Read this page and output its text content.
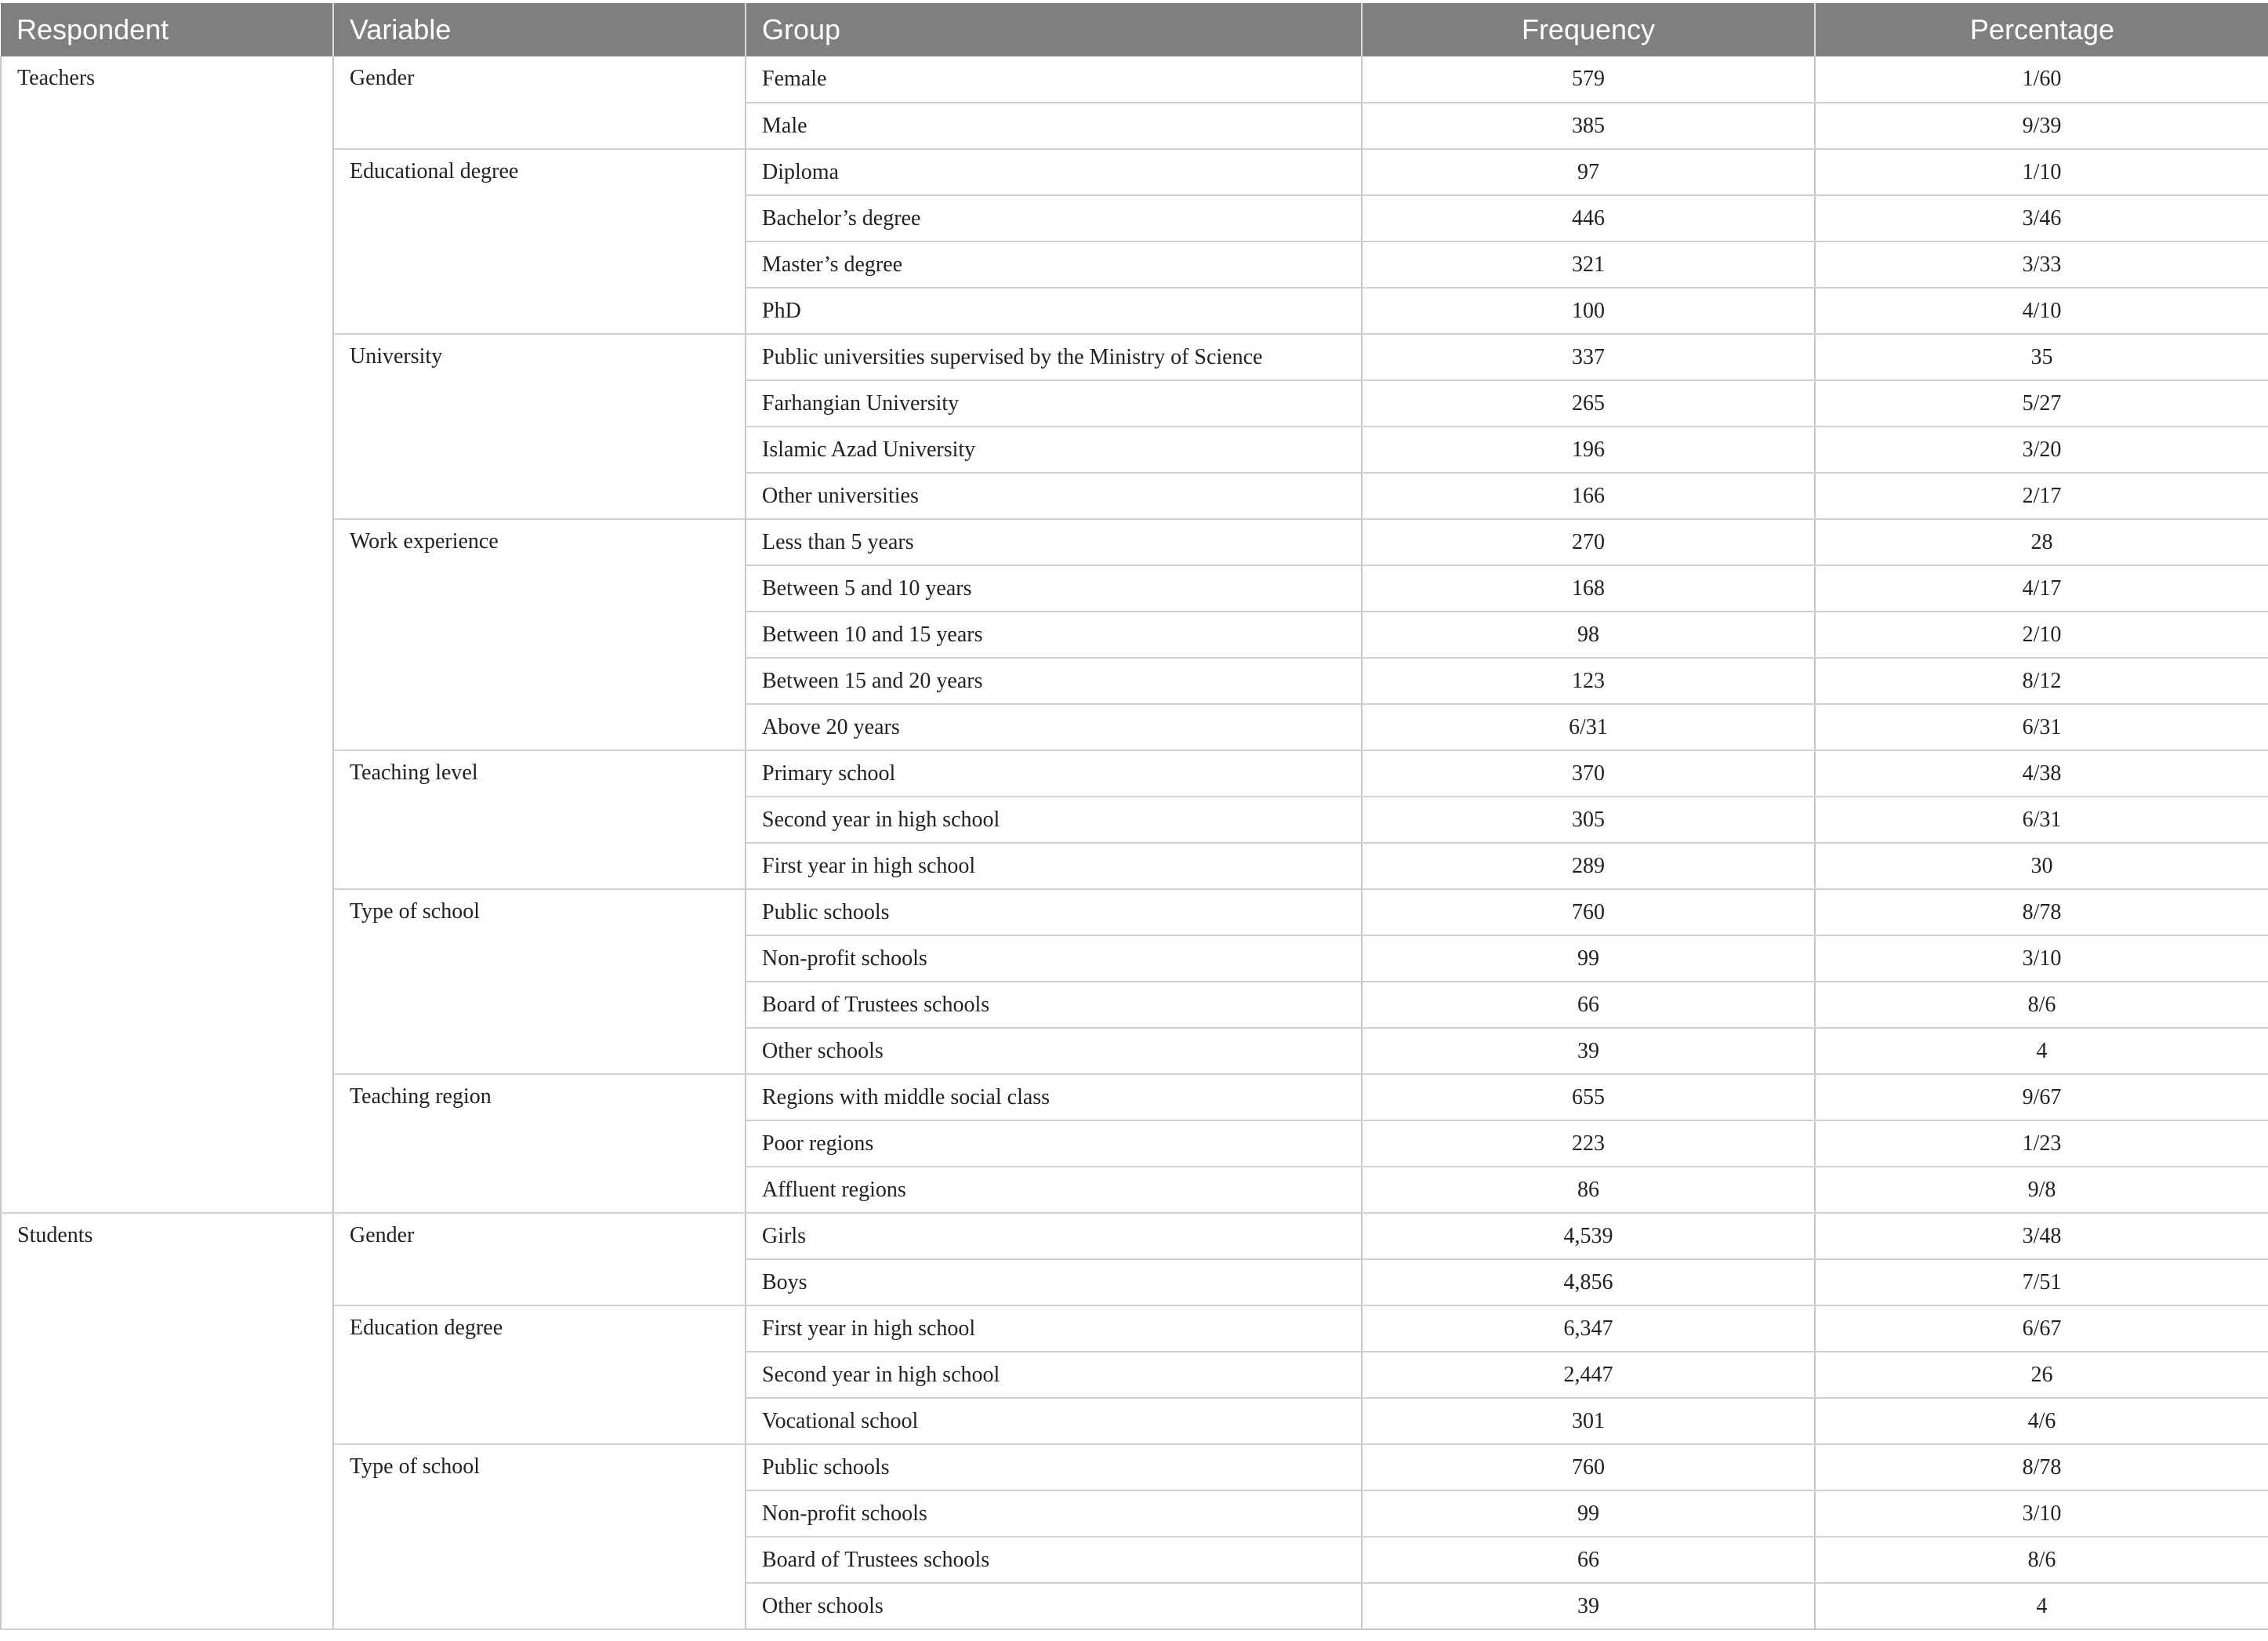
Respondent	Variable	Group	Frequency	Percentage
Teachers	Gender	Female	579	1/60
		Male	385	9/39
	Educational degree	Diploma	97	1/10
		Bachelor’s degree	446	3/46
		Master’s degree	321	3/33
		PhD	100	4/10
	University	Public universities supervised by the Ministry of Science	337	35
		Farhangian University	265	5/27
		Islamic Azad University	196	3/20
		Other universities	166	2/17
	Work experience	Less than 5 years	270	28
		Between 5 and 10 years	168	4/17
		Between 10 and 15 years	98	2/10
		Between 15 and 20 years	123	8/12
		Above 20 years	6/31	6/31
	Teaching level	Primary school	370	4/38
		Second year in high school	305	6/31
		First year in high school	289	30
	Type of school	Public schools	760	8/78
		Non-profit schools	99	3/10
		Board of Trustees schools	66	8/6
		Other schools	39	4
	Teaching region	Regions with middle social class	655	9/67
		Poor regions	223	1/23
		Affluent regions	86	9/8
Students	Gender	Girls	4,539	3/48
		Boys	4,856	7/51
	Education degree	First year in high school	6,347	6/67
		Second year in high school	2,447	26
		Vocational school	301	4/6
	Type of school	Public schools	760	8/78
		Non-profit schools	99	3/10
		Board of Trustees schools	66	8/6
		Other schools	39	4
